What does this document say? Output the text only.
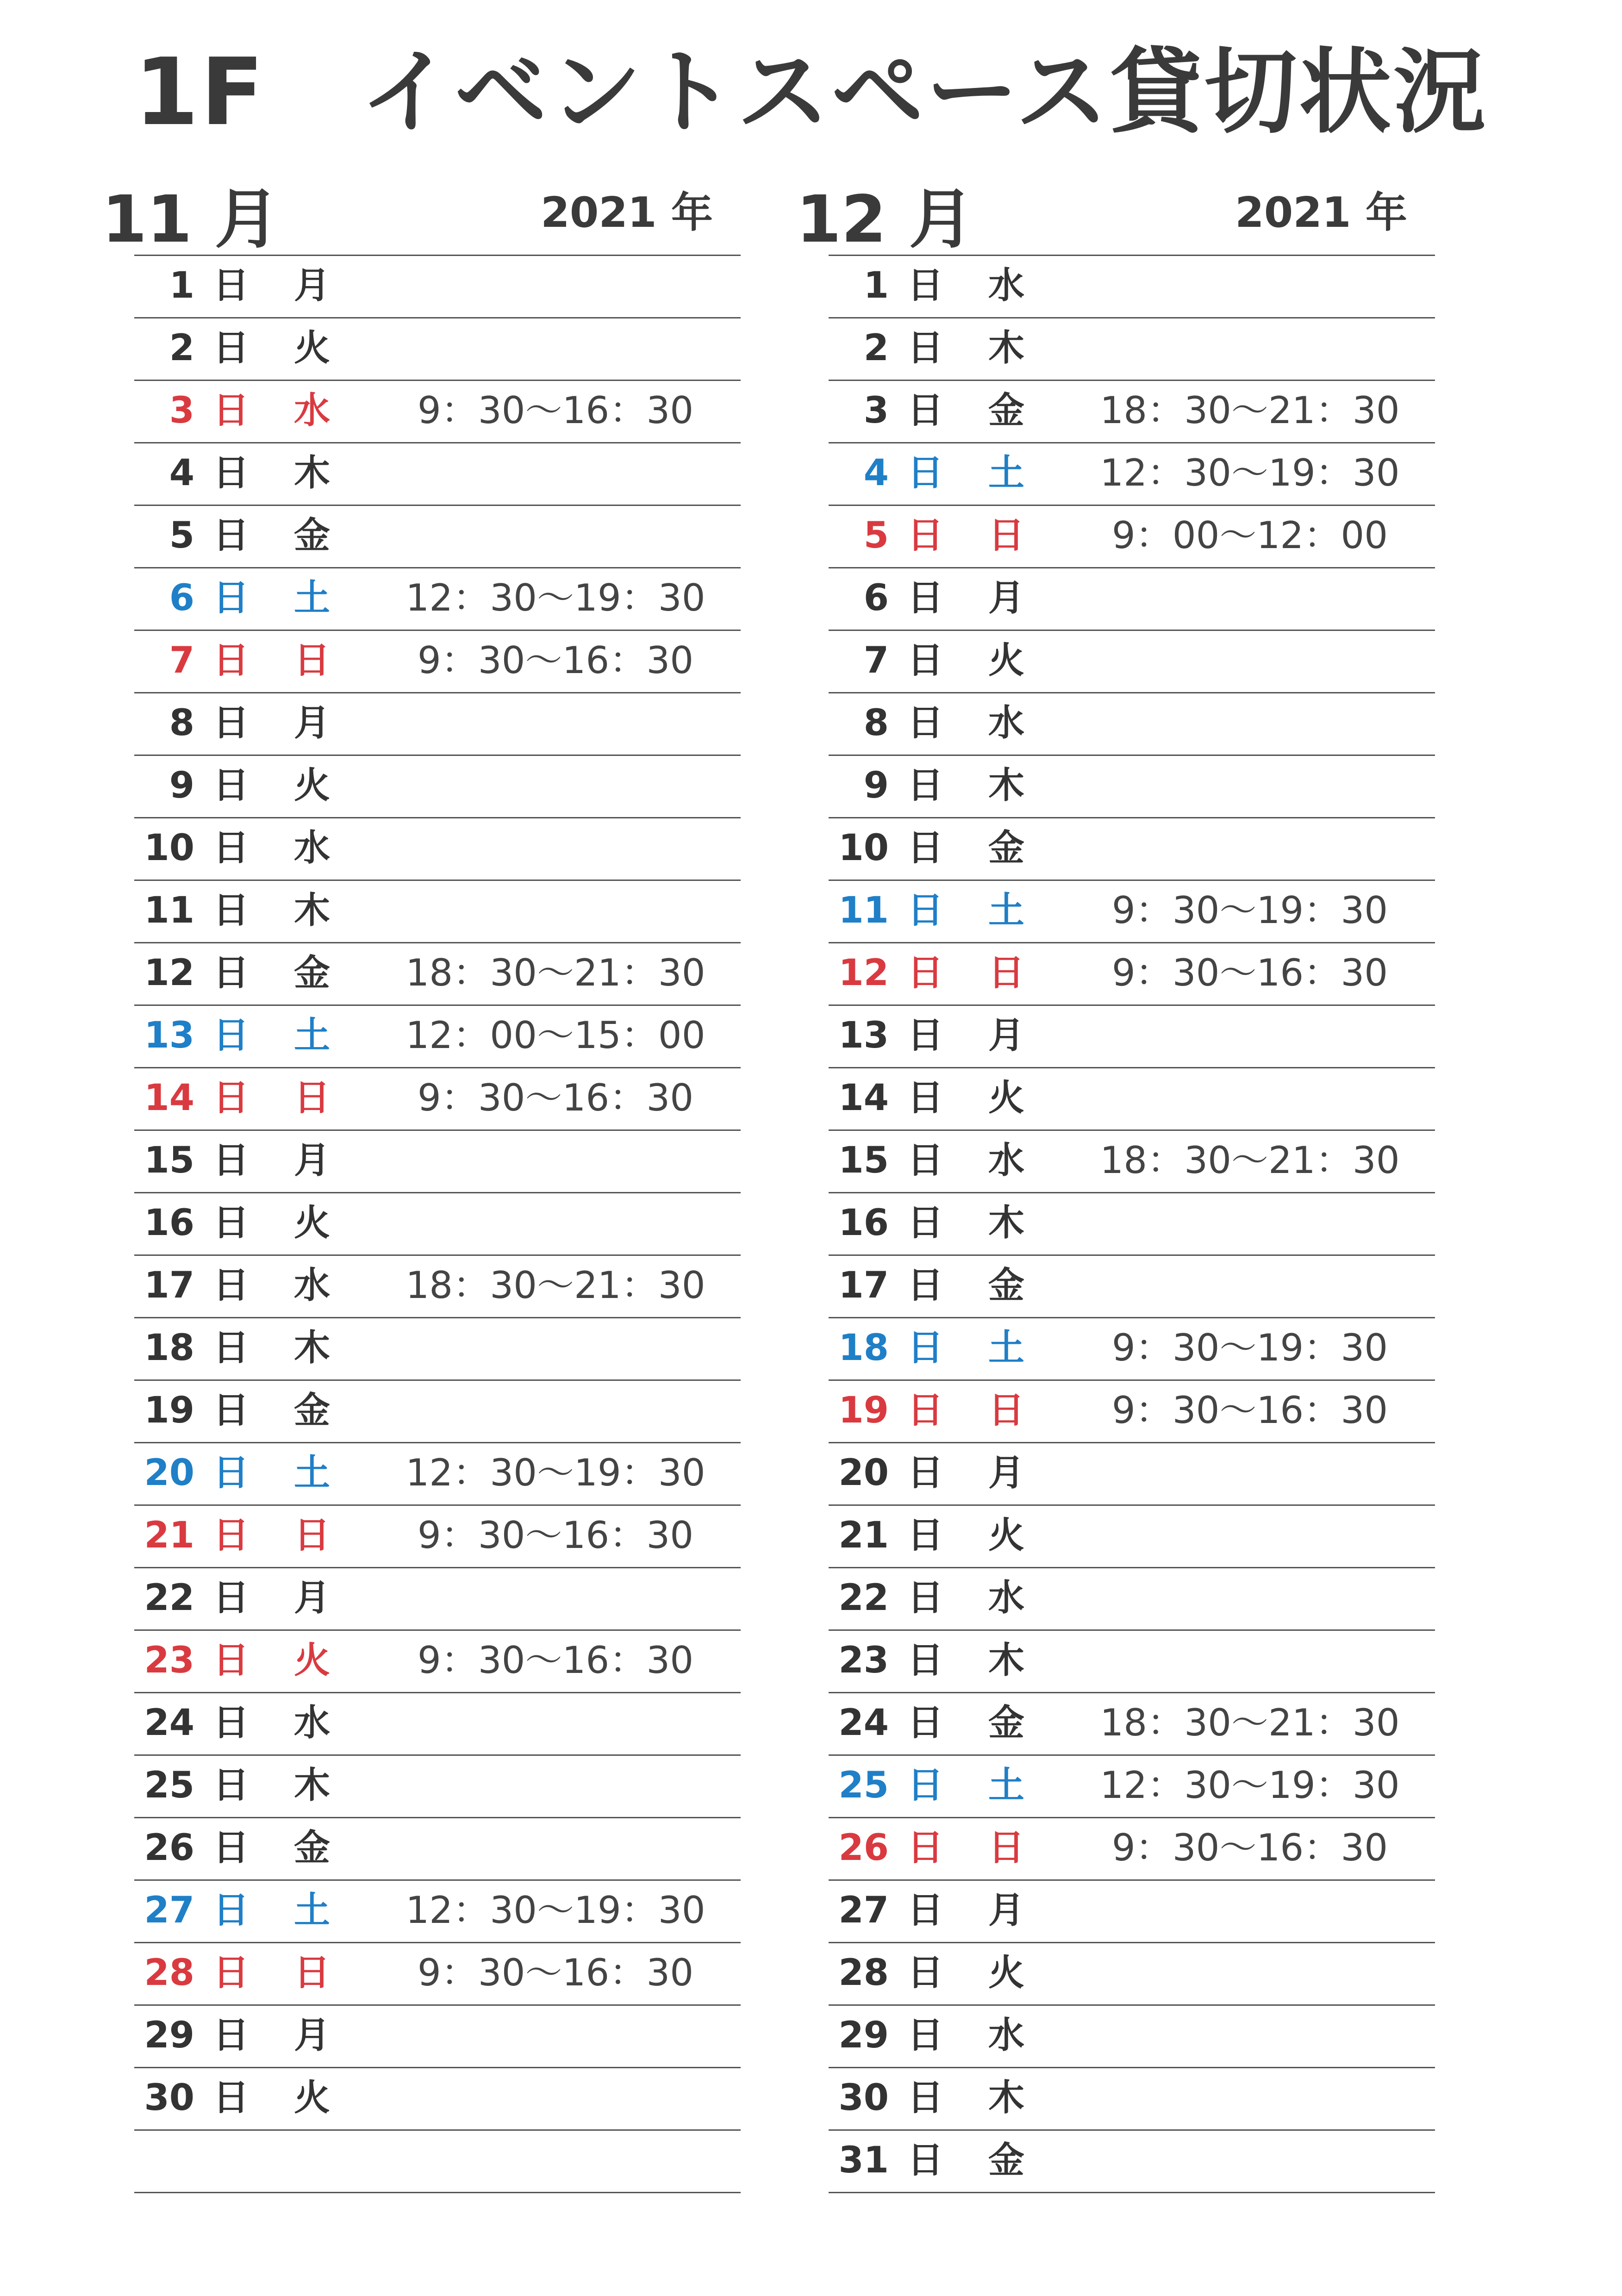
1F　イベントスペース貸切状況
11 月	2021 年
1 日 月
2 日 火
3 日 水	9：30～16：30
4 日 木
5 日 金
6 日 土	12：30～19：30
7 日 日	9：30～16：30
8 日 月
9 日 火
10 日 水
11 日 木
12 日 金	18：30～21：30
13 日 土	12：00～15：00
14 日 日	9：30～16：30
15 日 月
16 日 火
17 日 水	18：30～21：30
18 日 木
19 日 金
20 日 土	12：30～19：30
21 日 日	9：30～16：30
22 日 月
23 日 火	9：30～16：30
24 日 水
25 日 木
26 日 金
27 日 土	12：30～19：30
28 日 日	9：30～16：30
29 日 月
30 日 火
12 月	2021 年
1 日 水
2 日 木
3 日 金	18：30～21：30
4 日 土	12：30～19：30
5 日 日	9：00～12：00
6 日 月
7 日 火
8 日 水
9 日 木
10 日 金
11 日 土	9：30～19：30
12 日 日	9：30～16：30
13 日 月
14 日 火
15 日 水	18：30～21：30
16 日 木
17 日 金
18 日 土	9：30～19：30
19 日 日	9：30～16：30
20 日 月
21 日 火
22 日 水
23 日 木
24 日 金	18：30～21：30
25 日 土	12：30～19：30
26 日 日	9：30～16：30
27 日 月
28 日 火
29 日 水
30 日 木
31 日 金
